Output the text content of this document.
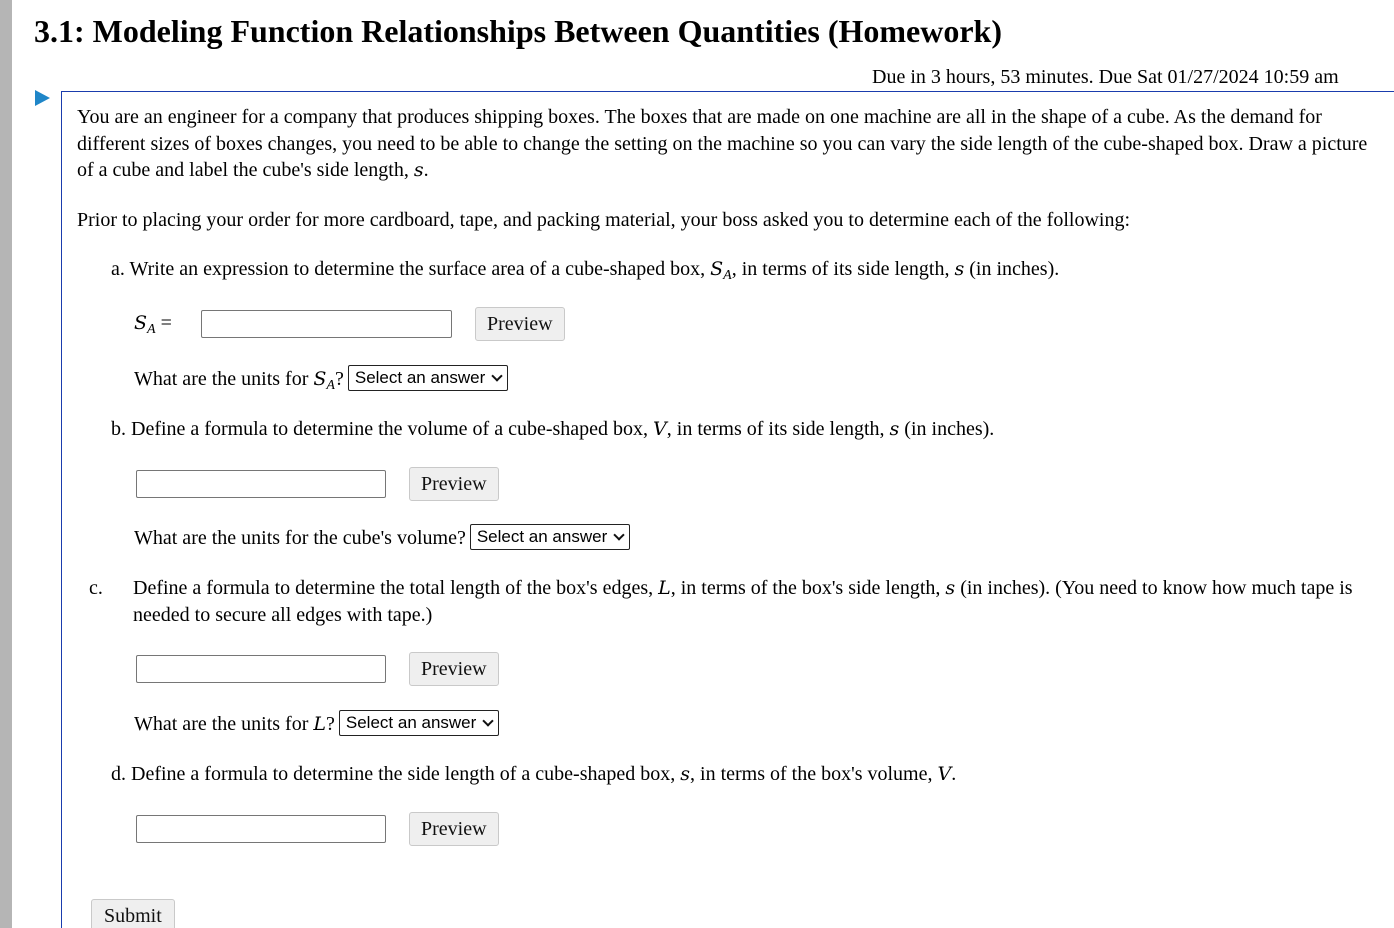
3.1: Modeling Function Relationships Between Quantities (Homework)
Due in 3 hours, 53 minutes. Due Sat 01/27/2024 10:59 am

You are an engineer for a company that produces shipping boxes. The boxes that are made on one machine are all in the shape of a cube. As the demand for different sizes of boxes changes, you need to be able to change the setting on the machine so you can vary the side length of the cube-shaped box. Draw a picture of a cube and label the cube's side length, s.

Prior to placing your order for more cardboard, tape, and packing material, your boss asked you to determine each of the following:

a. Write an expression to determine the surface area of a cube-shaped box, $S_A$, in terms of its side length, s (in inches).

$S_A$ =	Preview
What are the units for $S_A$? Select an answer

b. Define a formula to determine the volume of a cube-shaped box, V, in terms of its side length, s (in inches).

Preview
What are the units for the cube's volume? Select an answer

c. Define a formula to determine the total length of the box's edges, L, in terms of the box's side length, s (in inches). (You need to know how much tape is needed to secure all edges with tape.)

Preview
What are the units for L? Select an answer

d. Define a formula to determine the side length of a cube-shaped box, s, in terms of the box's volume, V.

Preview
Submit
